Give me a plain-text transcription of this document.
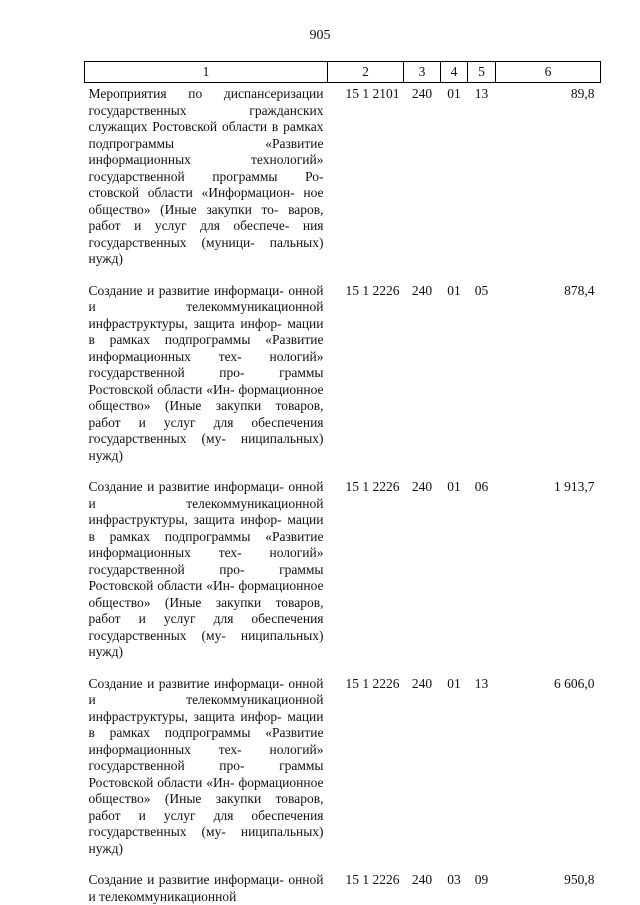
905
1	2	3	4	5	6
Мероприятия по диспансеризации государственных гражданских служащих Ростовской области в рамках подпрограммы «Развитие информационных технологий» государственной программы Ро- стовской области «Информацион- ное общество» (Иные закупки то- варов, работ и услуг для обеспече- ния государственных (муници- пальных) нужд)	15 1 2101	240	01	13	89,8

Создание и развитие информаци- онной и телекоммуникационной инфраструктуры, защита инфор- мации в рамках подпрограммы «Развитие информационных тех- нологий» государственной про- граммы Ростовской области «Ин- формационное общество» (Иные закупки товаров, работ и услуг для обеспечения государственных (му- ниципальных) нужд)	15 1 2226	240	01	05	878,4

Создание и развитие информаци- онной и телекоммуникационной инфраструктуры, защита инфор- мации в рамках подпрограммы «Развитие информационных тех- нологий» государственной про- граммы Ростовской области «Ин- формационное общество» (Иные закупки товаров, работ и услуг для обеспечения государственных (му- ниципальных) нужд)	15 1 2226	240	01	06	1 913,7

Создание и развитие информаци- онной и телекоммуникационной инфраструктуры, защита инфор- мации в рамках подпрограммы «Развитие информационных тех- нологий» государственной про- граммы Ростовской области «Ин- формационное общество» (Иные закупки товаров, работ и услуг для обеспечения государственных (му- ниципальных) нужд)	15 1 2226	240	01	13	6 606,0

Создание и развитие информаци- онной и телекоммуникационной	15 1 2226	240	03	09	950,8
